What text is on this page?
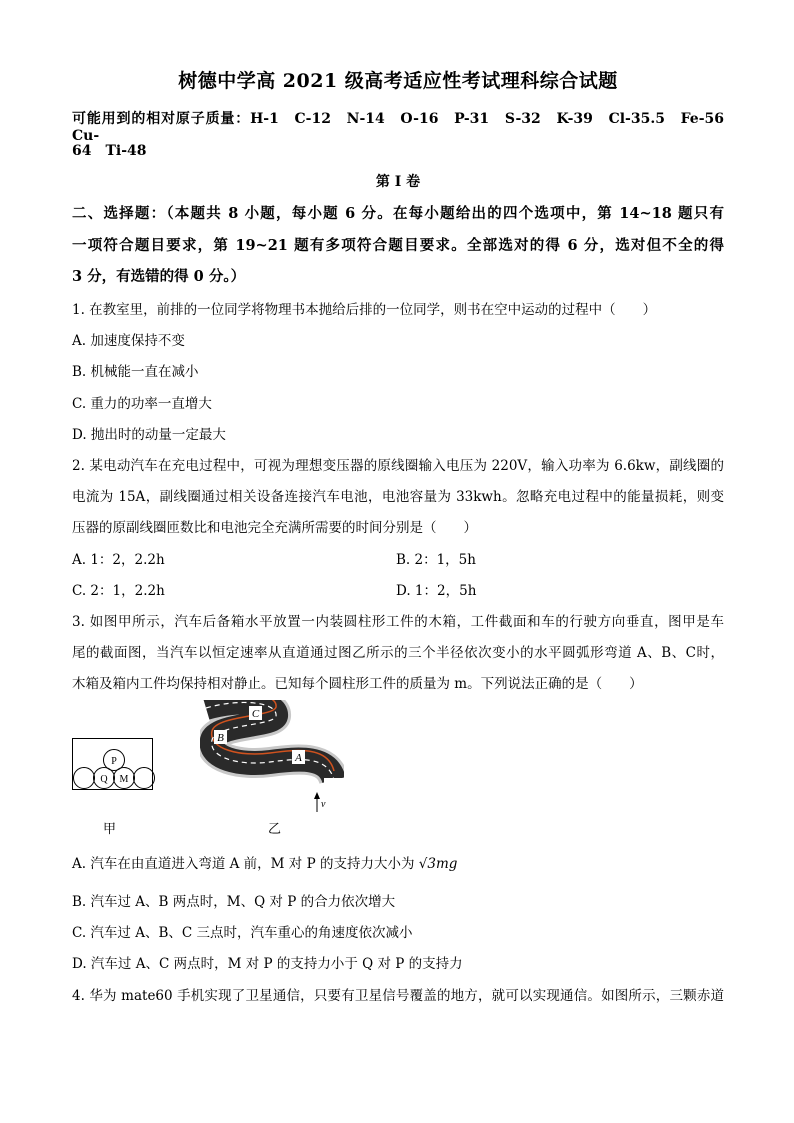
树德中学高 2021 级高考适应性考试理科综合试题
可能用到的相对原子质量：H-1　C-12　N-14　O-16　P-31　S-32　K-39　Cl-35.5　Fe-56　Cu-
64　Ti-48
第 Ⅰ 卷
二、选择题：（本题共 8 小题，每小题 6 分。在每小题给出的四个选项中，第 14~18 题只有
一项符合题目要求，第 19~21 题有多项符合题目要求。全部选对的得 6 分，选对但不全的得
3 分，有选错的得 0 分。）
1. 在教室里，前排的一位同学将物理书本抛给后排的一位同学，则书在空中运动的过程中（　　）
A. 加速度保持不变
B. 机械能一直在减小
C. 重力的功率一直增大
D. 抛出时的动量一定最大
2. 某电动汽车在充电过程中，可视为理想变压器的原线圈输入电压为 220V，输入功率为 6.6kw，副线圈的
电流为 15A，副线圈通过相关设备连接汽车电池，电池容量为 33kwh。忽略充电过程中的能量损耗，则变
压器的原副线圈匝数比和电池完全充满所需要的时间分别是（　　）
A. 1：2，2.2h	B. 2：1，5h
C. 2：1，2.2h	D. 1：2，5h
3. 如图甲所示，汽车后备箱水平放置一内装圆柱形工件的木箱，工件截面和车的行驶方向垂直，图甲是车
尾的截面图，当汽车以恒定速率从直道通过图乙所示的三个半径依次变小的水平圆弧形弯道 A、B、C时，
木箱及箱内工件均保持相对静止。已知每个圆柱形工件的质量为 m。下列说法正确的是（　　）
P
Q M
甲
C
B
A
v
乙
A. 汽车在由直道进入弯道 A 前，M 对 P 的支持力大小为 √3mg
B. 汽车过 A、B 两点时，M、Q 对 P 的合力依次增大
C. 汽车过 A、B、C 三点时，汽车重心的角速度依次减小
D. 汽车过 A、C 两点时，M 对 P 的支持力小于 Q 对 P 的支持力
4. 华为 mate60 手机实现了卫星通信，只要有卫星信号覆盖的地方，就可以实现通信。如图所示，三颗赤道
